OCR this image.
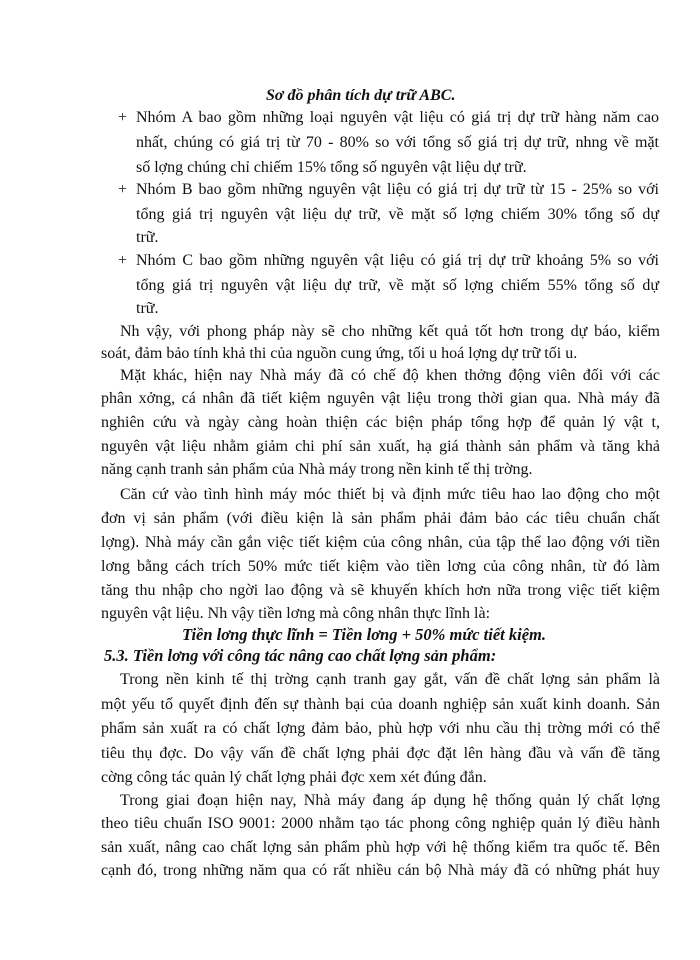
Sơ đồ phân tích dự trữ ABC.
+ Nhóm A bao gồm những loại nguyên vật liệu có giá trị dự trữ hàng năm cao
nhất, chúng có giá trị từ 70 - 80% so với tổng số giá trị dự trữ, nhng về mặt
số lợng chúng chỉ chiếm 15% tổng số nguyên vật liệu dự trữ.
+ Nhóm B bao gồm những nguyên vật liệu có giá trị dự trữ từ 15 - 25% so với
tổng giá trị nguyên vật liệu dự trữ, về mặt số lợng chiếm 30% tổng số dự
trữ.
+ Nhóm C bao gồm những nguyên vật liệu có giá trị dự trữ khoảng 5% so với
tổng giá trị nguyên vật liệu dự trữ, về mặt số lợng chiếm 55% tổng số dự
trữ.
Nh vậy, với phong pháp này sẽ cho những kết quả tốt hơn trong dự báo, kiểm
soát, đảm bảo tính khả thi của nguồn cung ứng, tối u hoá lợng dự trữ tối u.
Mặt khác, hiện nay Nhà máy đã có chế độ khen thởng động viên đối với các
phân xởng, cá nhân đã tiết kiệm nguyên vật liệu trong thời gian qua. Nhà máy đã
nghiên cứu và ngày càng hoàn thiện các biện pháp tổng hợp để quản lý vật t,
nguyên vật liệu nhằm giảm chi phí sản xuất, hạ giá thành sản phẩm và tăng khả
năng cạnh tranh sản phẩm của Nhà máy trong nền kinh tế thị trờng.
Căn cứ vào tình hình máy móc thiết bị và định mức tiêu hao lao động cho một
đơn vị sản phẩm (với điều kiện là sản phẩm phải đảm bảo các tiêu chuẩn chất
lợng). Nhà máy cần gắn việc tiết kiệm của công nhân, của tập thể lao động với tiền
lơng bằng cách trích 50% mức tiết kiệm vào tiền lơng của công nhân, từ đó làm
tăng thu nhập cho ngời lao động và sẽ khuyến khích hơn nữa trong việc tiết kiệm
nguyên vật liệu. Nh vậy tiền lơng mà công nhân thực lĩnh là:
Tiền lơng thực lĩnh = Tiền lơng + 50% mức tiết kiệm.
5.3. Tiền lơng với công tác nâng cao chất lợng sản phẩm:
Trong nền kinh tế thị trờng cạnh tranh gay gắt, vấn đề chất lợng sản phẩm là
một yếu tố quyết định đến sự thành bại của doanh nghiệp sản xuất kinh doanh. Sản
phẩm sản xuất ra có chất lợng đảm bảo, phù hợp với nhu cầu thị trờng mới có thể
tiêu thụ đợc. Do vậy vấn đề chất lợng phải đợc đặt lên hàng đầu và vấn đề tăng
cờng công tác quản lý chất lợng phải đợc xem xét đúng đắn.
Trong giai đoạn hiện nay, Nhà máy đang áp dụng hệ thống quản lý chất lợng
theo tiêu chuẩn ISO 9001: 2000 nhằm tạo tác phong công nghiệp quản lý điều hành
sản xuất, nâng cao chất lợng sản phẩm phù hợp với hệ thống kiểm tra quốc tế. Bên
cạnh đó, trong những năm qua có rất nhiều cán bộ Nhà máy đã có những phát huy
